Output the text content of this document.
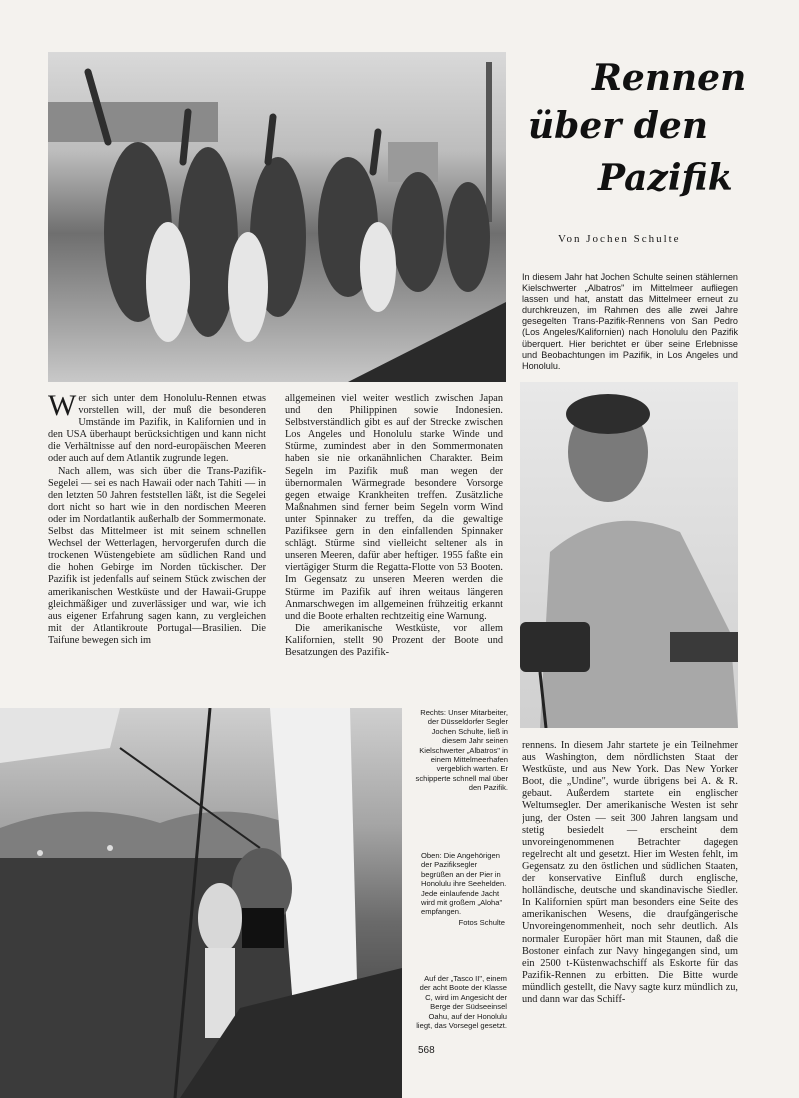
Rennen
über den
Pazifik
Von Jochen Schulte
In diesem Jahr hat Jochen Schulte seinen stählernen Kielschwerter „Albatros" im Mittelmeer aufliegen lassen und hat, anstatt das Mittelmeer erneut zu durchkreuzen, im Rahmen des alle zwei Jahre gesegelten Trans-Pazifik-Rennens von San Pedro (Los Angeles/Kalifornien) nach Honolulu den Pazifik überquert. Hier berichtet er über seine Erlebnisse und Beobachtungen im Pazifik, in Los Angeles und Honolulu.

Wer sich unter dem Honolulu-Rennen etwas vorstellen will, der muß die besonderen Umstände im Pazifik, in Kalifornien und in den USA überhaupt berücksichtigen und kann nicht die Verhältnisse auf den nord-europäischen Meeren oder auch auf dem Atlantik zugrunde legen.

Nach allem, was sich über die Trans-Pazifik-Segelei — sei es nach Hawaii oder nach Tahiti — in den letzten 50 Jahren feststellen läßt, ist die Segelei dort nicht so hart wie in den nordischen Meeren oder im Nordatlantik außerhalb der Sommermonate. Selbst das Mittelmeer ist mit seinem schnellen Wechsel der Wetterlagen, hervorgerufen durch die trockenen Wüstengebiete am südlichen Rand und die hohen Gebirge im Norden tückischer. Der Pazifik ist jedenfalls auf seinem Stück zwischen der amerikanischen Westküste und der Hawaii-Gruppe gleichmäßiger und zuverlässiger und war, wie ich aus eigener Erfahrung sagen kann, zu vergleichen mit der Atlantikroute Portugal—Brasilien. Die Taifune bewegen sich im

allgemeinen viel weiter westlich zwischen Japan und den Philippinen sowie Indonesien. Selbstverständlich gibt es auf der Strecke zwischen Los Angeles und Honolulu starke Winde und Stürme, zumindest aber in den Sommermonaten haben sie nie orkanähnlichen Charakter. Beim Segeln im Pazifik muß man wegen der übernormalen Wärmegrade besondere Vorsorge gegen etwaige Krankheiten treffen. Zusätzliche Maßnahmen sind ferner beim Segeln vorm Wind unter Spinnaker zu treffen, da die gewaltige Pazifiksee gern in den einfallenden Spinnaker schlägt. Stürme sind vielleicht seltener als in unseren Meeren, dafür aber heftiger. 1955 faßte ein viertägiger Sturm die Regatta-Flotte von 53 Booten. Im Gegensatz zu unseren Meeren werden die Stürme im Pazifik auf ihren weitaus längeren Anmarschwegen im allgemeinen frühzeitig erkannt und die Boote erhalten rechtzeitig eine Warnung.

Die amerikanische Westküste, vor allem Kalifornien, stellt 90 Prozent der Boote und Besatzungen des Pazifik-

Rechts: Unser Mitarbeiter, der Düsseldorfer Segler Jochen Schulte, ließ in diesem Jahr seinen Kielschwerter „Albatros" in einem Mittelmeerhafen vergeblich warten. Er schipperte schnell mal über den Pazifik.
Oben: Die Angehörigen der Pazifiksegler begrüßen an der Pier in Honolulu ihre Seehelden. Jede einlaufende Jacht wird mit großem „Aloha" empfangen.
Fotos Schulte
Auf der „Tasco II", einem der acht Boote der Klasse C, wird im Angesicht der Berge der Südseeinsel Oahu, auf der Honolulu liegt, das Vorsegel gesetzt.
568

rennens. In diesem Jahr startete je ein Teilnehmer aus Washington, dem nördlichsten Staat der Westküste, und aus New York. Das New Yorker Boot, die „Undine", wurde übrigens bei A. & R. gebaut. Außerdem startete ein englischer Weltumsegler. Der amerikanische Westen ist sehr jung, der Osten — seit 300 Jahren langsam und stetig besiedelt — erscheint dem unvoreingenommenen Betrachter dagegen regelrecht alt und gesetzt. Hier im Westen fehlt, im Gegensatz zu den östlichen und südlichen Staaten, der konservative Einfluß durch englische, holländische, deutsche und skandinavische Siedler. In Kalifornien spürt man besonders eine Seite des amerikanischen Wesens, die draufgängerische Unvoreingenommenheit, noch sehr deutlich. Als normaler Europäer hört man mit Staunen, daß die Bostoner einfach zur Navy hingegangen sind, um ein 2500 t-Küstenwachschiff als Eskorte für das Pazifik-Rennen zu erbitten. Die Bitte wurde mündlich gestellt, die Navy sagte kurz mündlich zu, und dann war das Schiff-
